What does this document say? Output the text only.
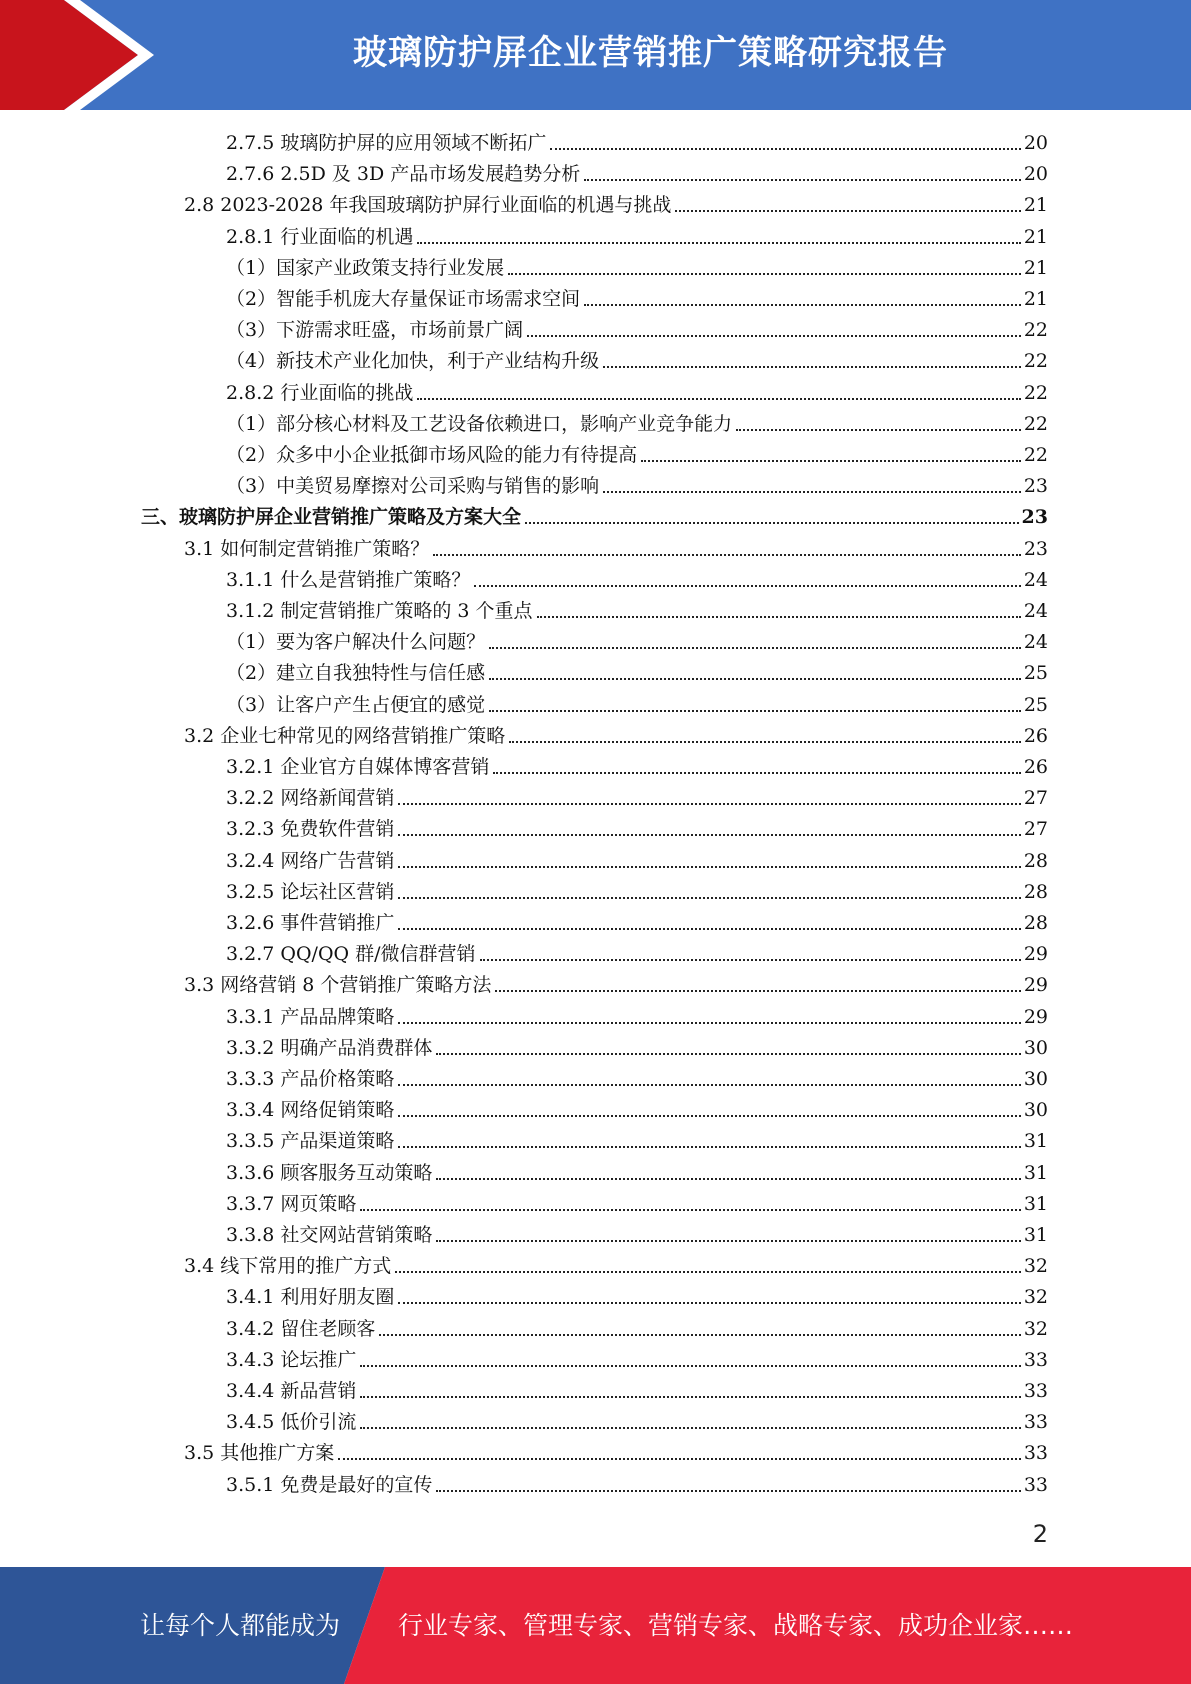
玻璃防护屏企业营销推广策略研究报告
2.7.5 玻璃防护屏的应用领域不断拓广	20
2.7.6 2.5D 及 3D 产品市场发展趋势分析	20
2.8 2023-2028 年我国玻璃防护屏行业面临的机遇与挑战	21
2.8.1 行业面临的机遇	21
（1）国家产业政策支持行业发展	21
（2）智能手机庞大存量保证市场需求空间	21
（3）下游需求旺盛，市场前景广阔	22
（4）新技术产业化加快，利于产业结构升级	22
2.8.2 行业面临的挑战	22
（1）部分核心材料及工艺设备依赖进口，影响产业竞争能力	22
（2）众多中小企业抵御市场风险的能力有待提高	22
（3）中美贸易摩擦对公司采购与销售的影响	23
三、玻璃防护屏企业营销推广策略及方案大全	23
3.1 如何制定营销推广策略？	23
3.1.1 什么是营销推广策略？	24
3.1.2 制定营销推广策略的 3 个重点	24
（1）要为客户解决什么问题？	24
（2）建立自我独特性与信任感	25
（3）让客户产生占便宜的感觉	25
3.2 企业七种常见的网络营销推广策略	26
3.2.1 企业官方自媒体博客营销	26
3.2.2 网络新闻营销	27
3.2.3 免费软件营销	27
3.2.4 网络广告营销	28
3.2.5 论坛社区营销	28
3.2.6 事件营销推广	28
3.2.7 QQ/QQ 群/微信群营销	29
3.3 网络营销 8 个营销推广策略方法	29
3.3.1 产品品牌策略	29
3.3.2 明确产品消费群体	30
3.3.3 产品价格策略	30
3.3.4 网络促销策略	30
3.3.5 产品渠道策略	31
3.3.6 顾客服务互动策略	31
3.3.7 网页策略	31
3.3.8 社交网站营销策略	31
3.4 线下常用的推广方式	32
3.4.1 利用好朋友圈	32
3.4.2 留住老顾客	32
3.4.3 论坛推广	33
3.4.4 新品营销	33
3.4.5 低价引流	33
3.5 其他推广方案	33
3.5.1 免费是最好的宣传	33
2
让每个人都能成为 行业专家、管理专家、营销专家、战略专家、成功企业家……
